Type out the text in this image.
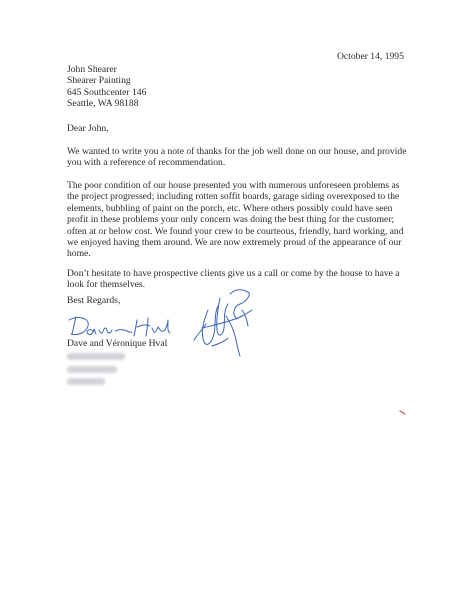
October 14, 1995
John Shearer
Shearer Painting
645 Southcenter 146
Seattle, WA 98188
Dear John,
We wanted to write you a note of thanks for the job well done on our house, and provide
you with a reference of recommendation.
The poor condition of our house presented you with numerous unforeseen problems as
the project progressed; including rotten soffit boards, garage siding overexposed to the
elements, bubbling of paint on the porch, etc. Where others possibly could have seen
profit in these problems your only concern was doing the best thing for the customer;
often at or below cost. We found your crew to be courteous, friendly, hard working, and
we enjoyed having them around. We are now extremely proud of the appearance of our
home.
Don’t hesitate to have prospective clients give us a call or come by the house to have a
look for themselves.
Best Regards,
Dave and Véronique Hval
